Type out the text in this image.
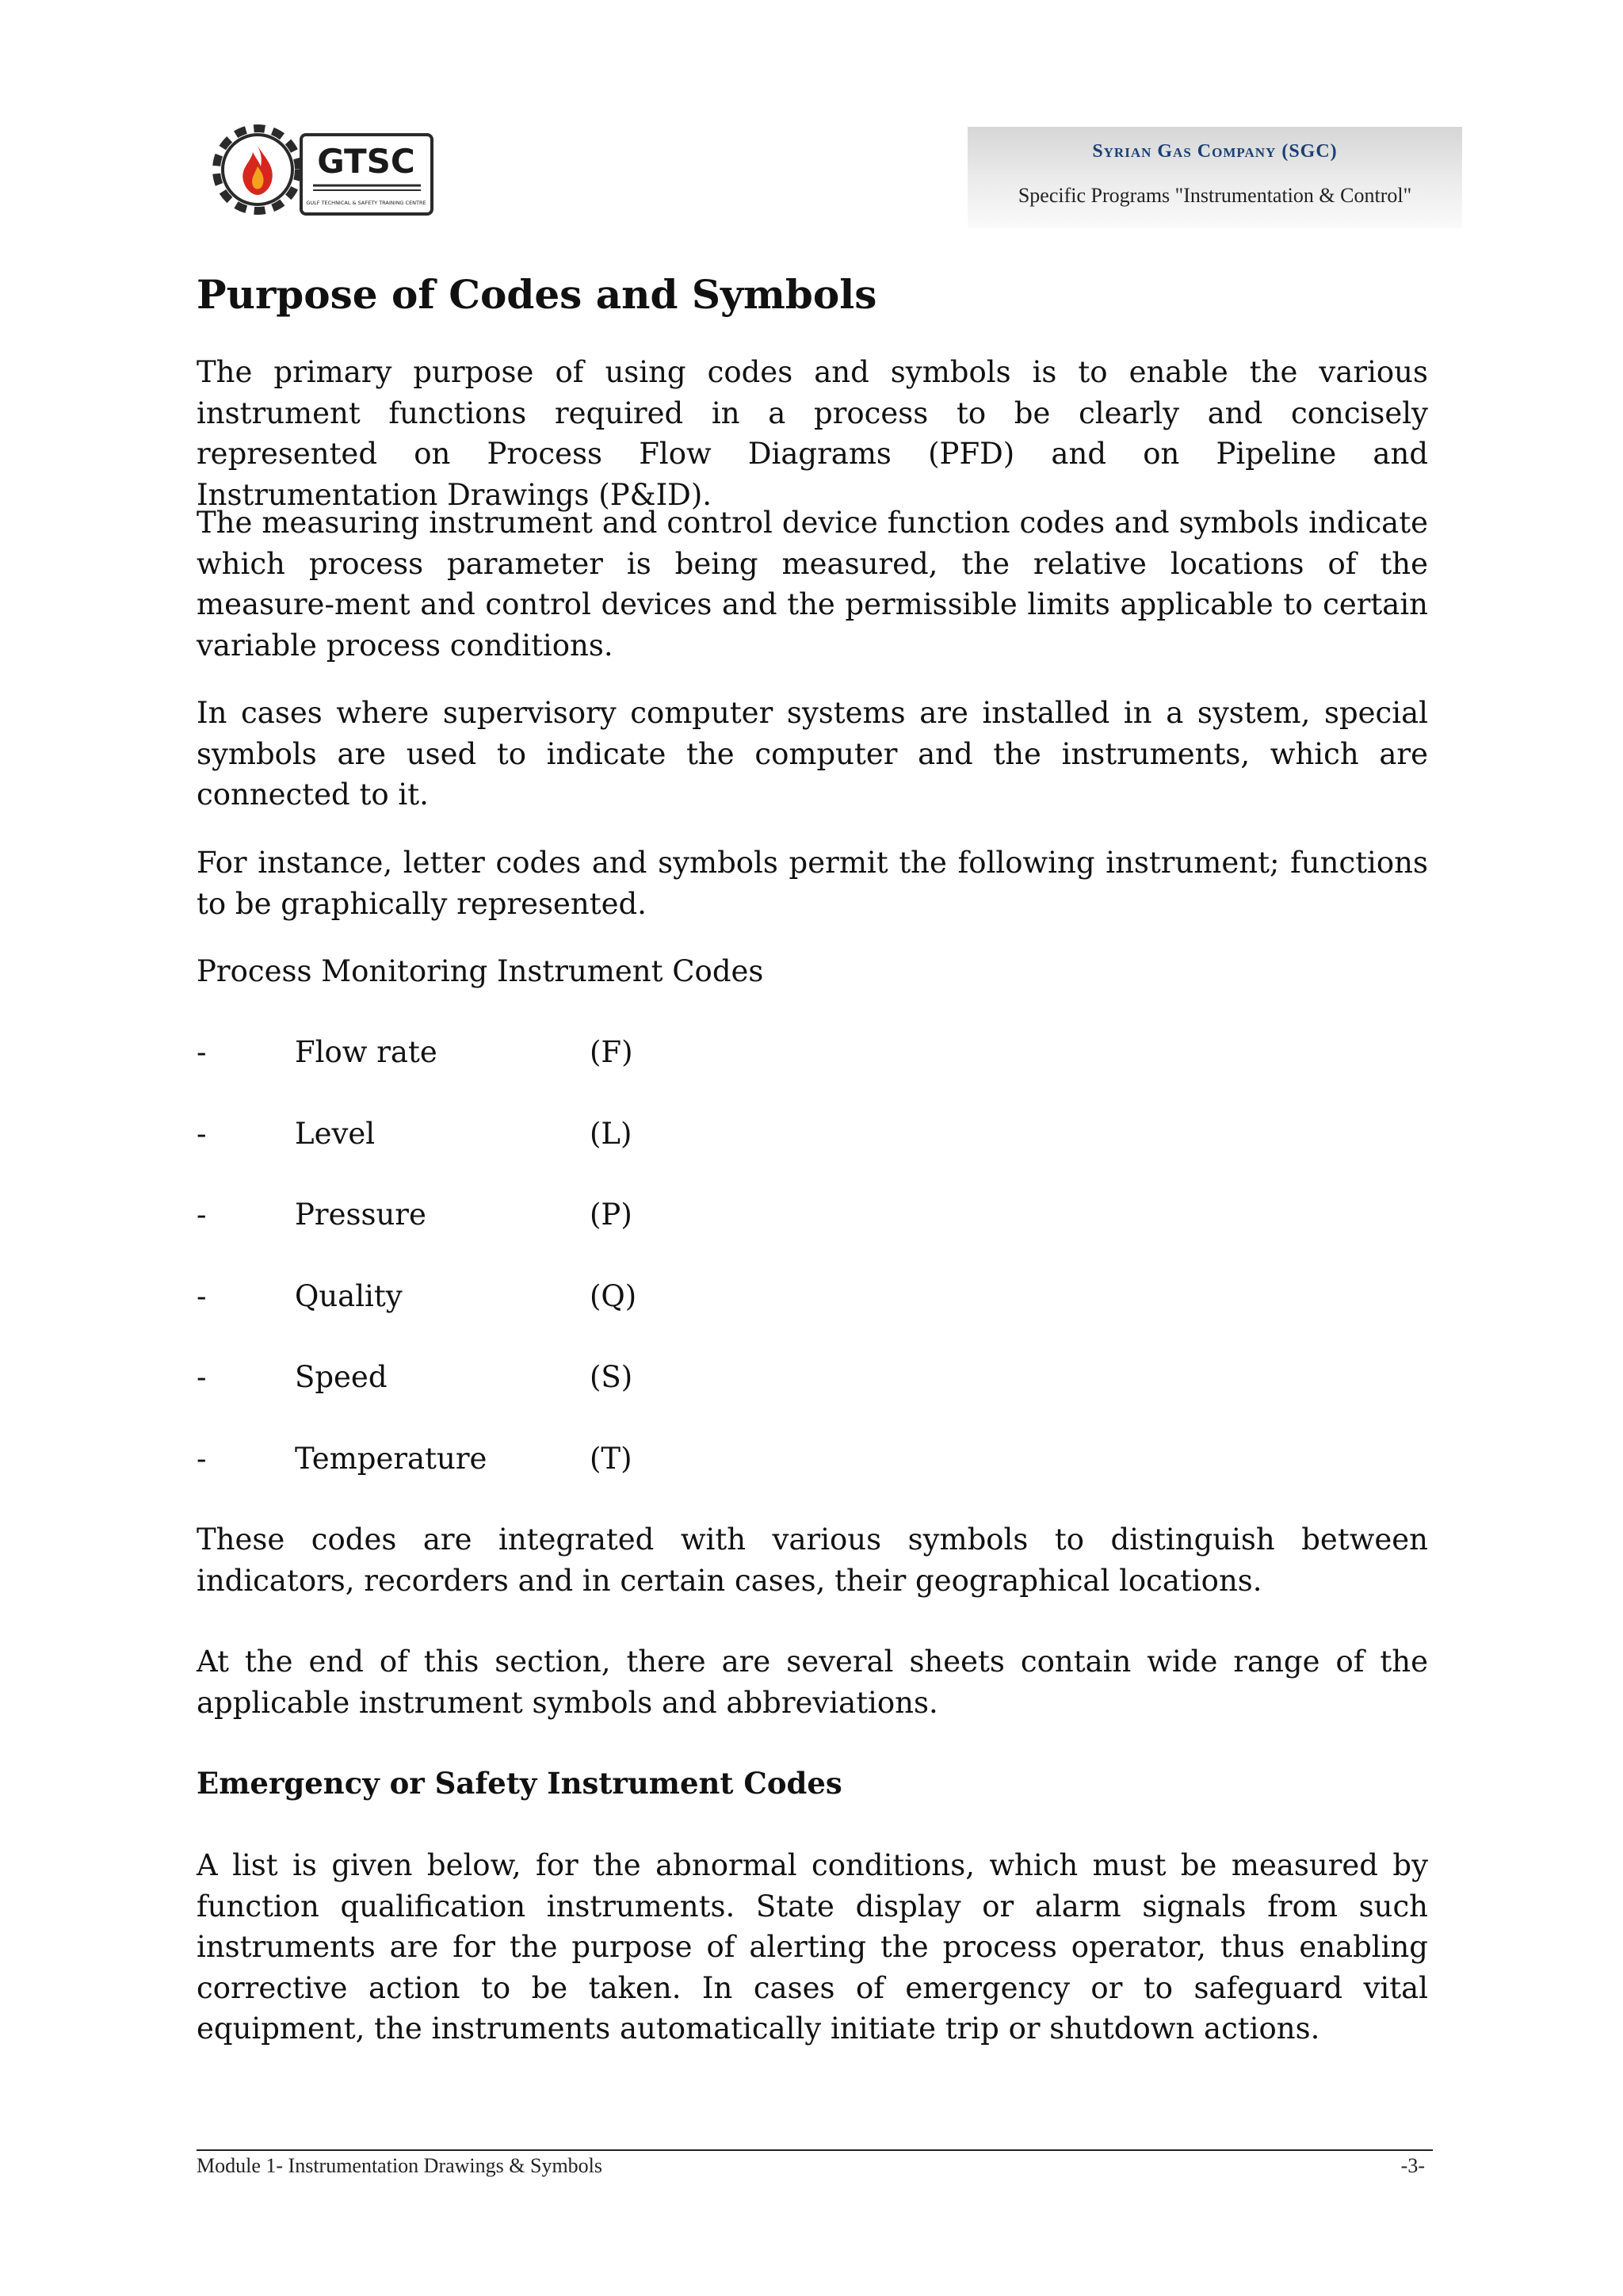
GTSC
GULF TECHNICAL & SAFETY TRAINING CENTRE
Syrian Gas Company (SGC)
Specific Programs "Instrumentation & Control"
Purpose of Codes and Symbols
The primary purpose of using codes and symbols is to enable the various instrument functions required in a process to be clearly and concisely represented on Process Flow Diagrams (PFD) and on Pipeline and Instrumentation Drawings (P&ID).
The measuring instrument and control device function codes and symbols indicate which process parameter is being measured, the relative locations of the measure-ment and control devices and the permissible limits applicable to certain variable process conditions.
In cases where supervisory computer systems are installed in a system, special symbols are used to indicate the computer and the instruments, which are connected to it.
For instance, letter codes and symbols permit the following instrument; functions to be graphically represented.
Process Monitoring Instrument Codes
-	Flow rate	(F)
-	Level	(L)
-	Pressure	(P)
-	Quality	(Q)
-	Speed	(S)
-	Temperature	(T)
These codes are integrated with various symbols to distinguish between indicators, recorders and in certain cases, their geographical locations.
At the end of this section, there are several sheets contain wide range of the applicable instrument symbols and abbreviations.
Emergency or Safety Instrument Codes
A list is given below, for the abnormal conditions, which must be measured by function qualification instruments. State display or alarm signals from such instruments are for the purpose of alerting the process operator, thus enabling corrective action to be taken. In cases of emergency or to safeguard vital equipment, the instruments automatically initiate trip or shutdown actions.
Module 1- Instrumentation Drawings & Symbols	-3-
